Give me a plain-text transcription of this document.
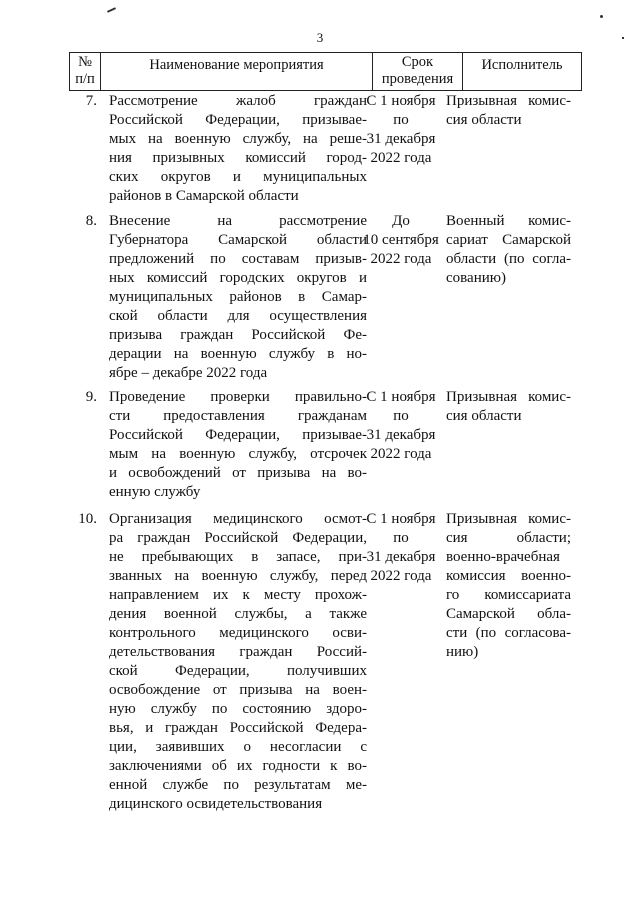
3
№
п/п
Наименование мероприятия	Срок
проведения
Исполнитель
7. Рассмотрение жалоб граждан
Российской Федерации, призывае-
мых на военную службу, на реше-
ния призывных комиссий город-
ских округов и муниципальных
районов в Самарской области
С 1 ноября
по
31 декабря
2022 года
Призывная комис-
сия области
8. Внесение на рассмотрение
Губернатора Самарской области
предложений по составам призыв-
ных комиссий городских округов и
муниципальных районов в Самар-
ской области для осуществления
призыва граждан Российской Фе-
дерации на военную службу в но-
ябре – декабре 2022 года
До
10 сентября
2022 года
Военный комис-
сариат Самарской
области (по согла-
сованию)
9. Проведение проверки правильно-
сти предоставления гражданам
Российской Федерации, призывае-
мым на военную службу, отсрочек
и освобождений от призыва на во-
енную службу
С 1 ноября
по
31 декабря
2022 года
Призывная комис-
сия области
10. Организация медицинского осмот-
ра граждан Российской Федерации,
не пребывающих в запасе, при-
званных на военную службу, перед
направлением их к месту прохож-
дения военной службы, а также
контрольного медицинского осви-
детельствования граждан Россий-
ской Федерации, получивших
освобождение от призыва на воен-
ную службу по состоянию здоро-
вья, и граждан Российской Федера-
ции, заявивших о несогласии с
заключениями об их годности к во-
енной службе по результатам ме-
дицинского освидетельствования
С 1 ноября
по
31 декабря
2022 года
Призывная комис-
сия области;
военно-врачебная
комиссия военно-
го комиссариата
Самарской обла-
сти (по согласова-
нию)
